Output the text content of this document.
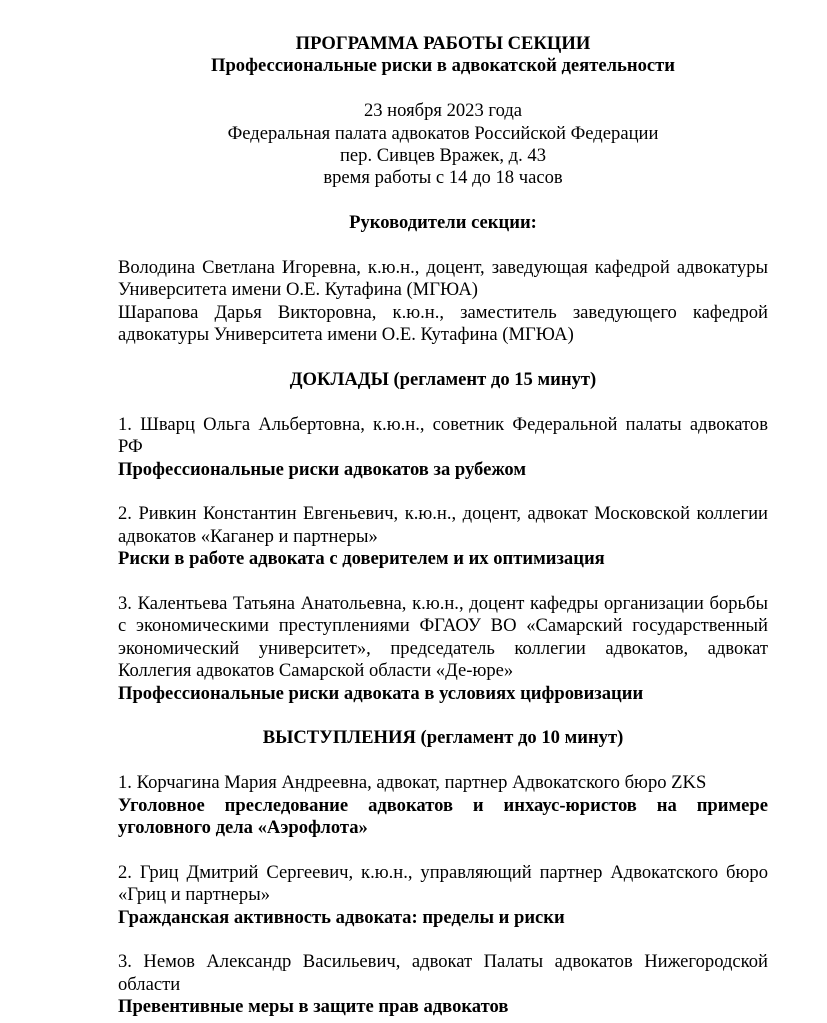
ПРОГРАММА РАБОТЫ СЕКЦИИ

Профессиональные риски в адвокатской деятельности

23 ноября 2023 года

Федеральная палата адвокатов Российской Федерации

пер. Сивцев Вражек, д. 43

время работы с 14 до 18 часов

Руководители секции:

Володина Светлана Игоревна, к.ю.н., доцент, заведующая кафедрой адвокатуры Университета имени О.Е. Кутафина (МГЮА)

Шарапова Дарья Викторовна, к.ю.н., заместитель заведующего кафедрой адвокатуры Университета имени О.Е. Кутафина (МГЮА)

ДОКЛАДЫ (регламент до 15 минут)

1. Шварц Ольга Альбертовна, к.ю.н., советник Федеральной палаты адвокатов РФ

Профессиональные риски адвокатов за рубежом

2. Ривкин Константин Евгеньевич, к.ю.н., доцент, адвокат Московской коллегии адвокатов «Каганер и партнеры»

Риски в работе адвоката с доверителем и их оптимизация

3. Калентьева Татьяна Анатольевна, к.ю.н., доцент кафедры организации борьбы с экономическими преступлениями ФГАОУ ВО «Самарский государственный экономический университет», председатель коллегии адвокатов, адвокат Коллегия адвокатов Самарской области «Де-юре»

Профессиональные риски адвоката в условиях цифровизации

ВЫСТУПЛЕНИЯ (регламент до 10 минут)

1. Корчагина Мария Андреевна, адвокат, партнер Адвокатского бюро ZKS

Уголовное преследование адвокатов и инхаус-юристов на примере уголовного дела «Аэрофлота»

2. Гриц Дмитрий Сергеевич, к.ю.н., управляющий партнер Адвокатского бюро «Гриц и партнеры»

Гражданская активность адвоката: пределы и риски

3. Немов Александр Васильевич, адвокат Палаты адвокатов Нижегородской области

Превентивные меры в защите прав адвокатов
